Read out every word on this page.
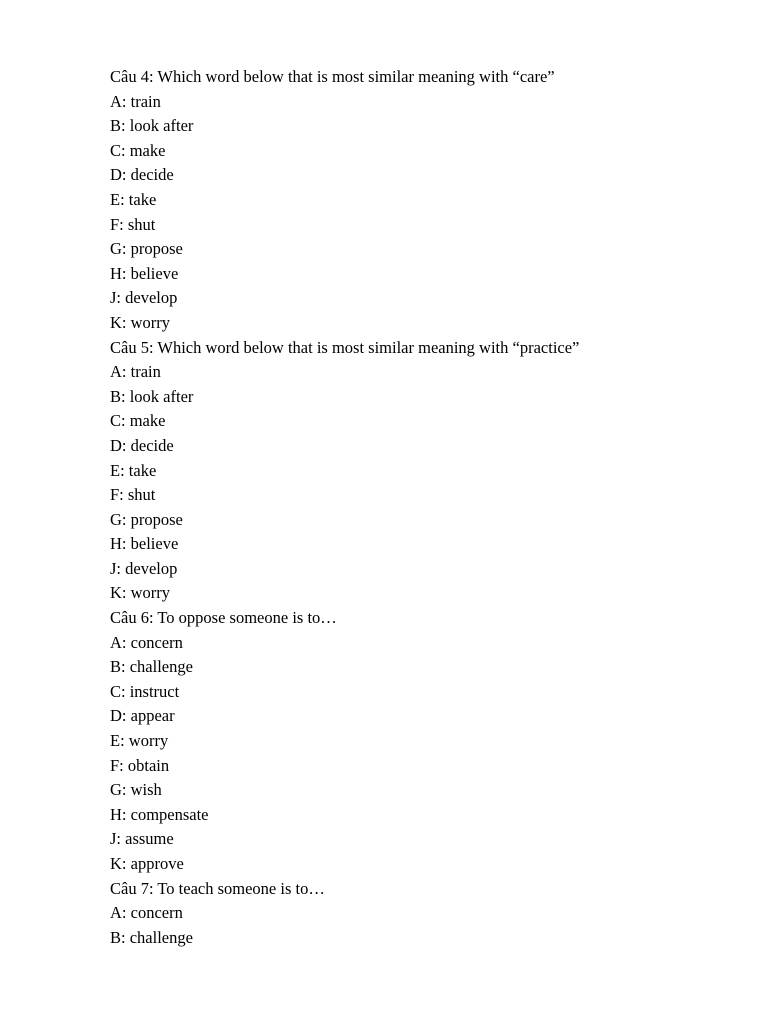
Câu 4: Which word below that is most similar meaning with “care”
A: train
B: look after
C: make
D: decide
E: take
F: shut
G: propose
H: believe
J: develop
K: worry
Câu 5: Which word below that is most similar meaning with “practice”
A: train
B: look after
C: make
D: decide
E: take
F: shut
G: propose
H: believe
J: develop
K: worry
Câu 6: To oppose someone is to…
A: concern
B: challenge
C: instruct
D: appear
E: worry
F: obtain
G: wish
H: compensate
J: assume
K: approve
Câu 7: To teach someone is to…
A: concern
B: challenge
